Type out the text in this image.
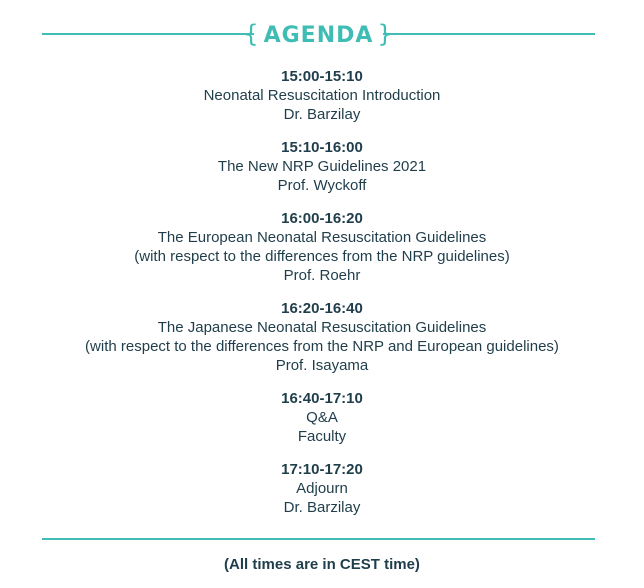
{ AGENDA }
15:00-15:10
Neonatal Resuscitation Introduction
Dr. Barzilay
15:10-16:00
The New NRP Guidelines 2021
Prof. Wyckoff
16:00-16:20
The European Neonatal Resuscitation Guidelines
(with respect to the differences from the NRP guidelines)
Prof. Roehr
16:20-16:40
The Japanese Neonatal Resuscitation Guidelines
(with respect to the differences from the NRP and European guidelines)
Prof. Isayama
16:40-17:10
Q&A
Faculty
17:10-17:20
Adjourn
Dr. Barzilay
(All times are in CEST time)
